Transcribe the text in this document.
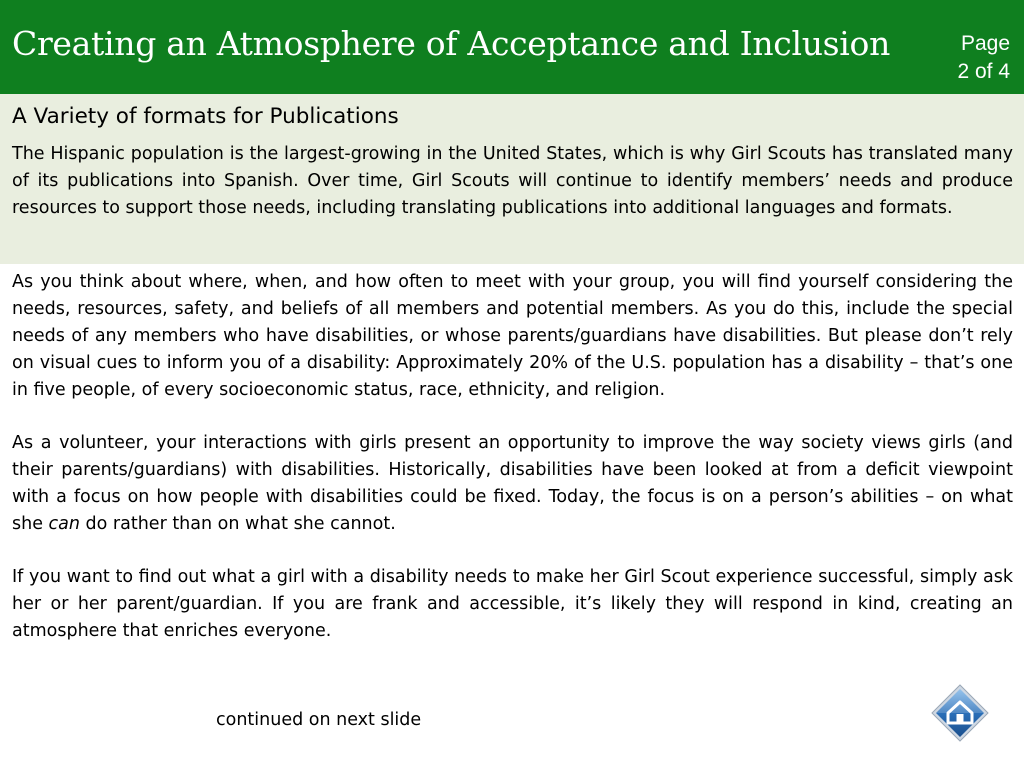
Creating an Atmosphere of Acceptance and Inclusion	Page
2 of 4
A Variety of formats for Publications

The Hispanic population is the largest-growing in the United States, which is why Girl Scouts has translated many of its publications into Spanish. Over time, Girl Scouts will continue to identify members’ needs and produce resources to support those needs, including translating publications into additional languages and formats.

As you think about where, when, and how often to meet with your group, you will find yourself considering the needs, resources, safety, and beliefs of all members and potential members. As you do this, include the special needs of any members who have disabilities, or whose parents/guardians have disabilities. But please don’t rely on visual cues to inform you of a disability: Approximately 20% of the U.S. population has a disability – that’s one in five people, of every socioeconomic status, race, ethnicity, and religion.

As a volunteer, your interactions with girls present an opportunity to improve the way society views girls (and their parents/guardians) with disabilities. Historically, disabilities have been looked at from a deficit viewpoint with a focus on how people with disabilities could be fixed. Today, the focus is on a person’s abilities – on what she can do rather than on what she cannot.

If you want to find out what a girl with a disability needs to make her Girl Scout experience successful, simply ask her or her parent/guardian. If you are frank and accessible, it’s likely they will respond in kind, creating an atmosphere that enriches everyone.

continued on next slide
